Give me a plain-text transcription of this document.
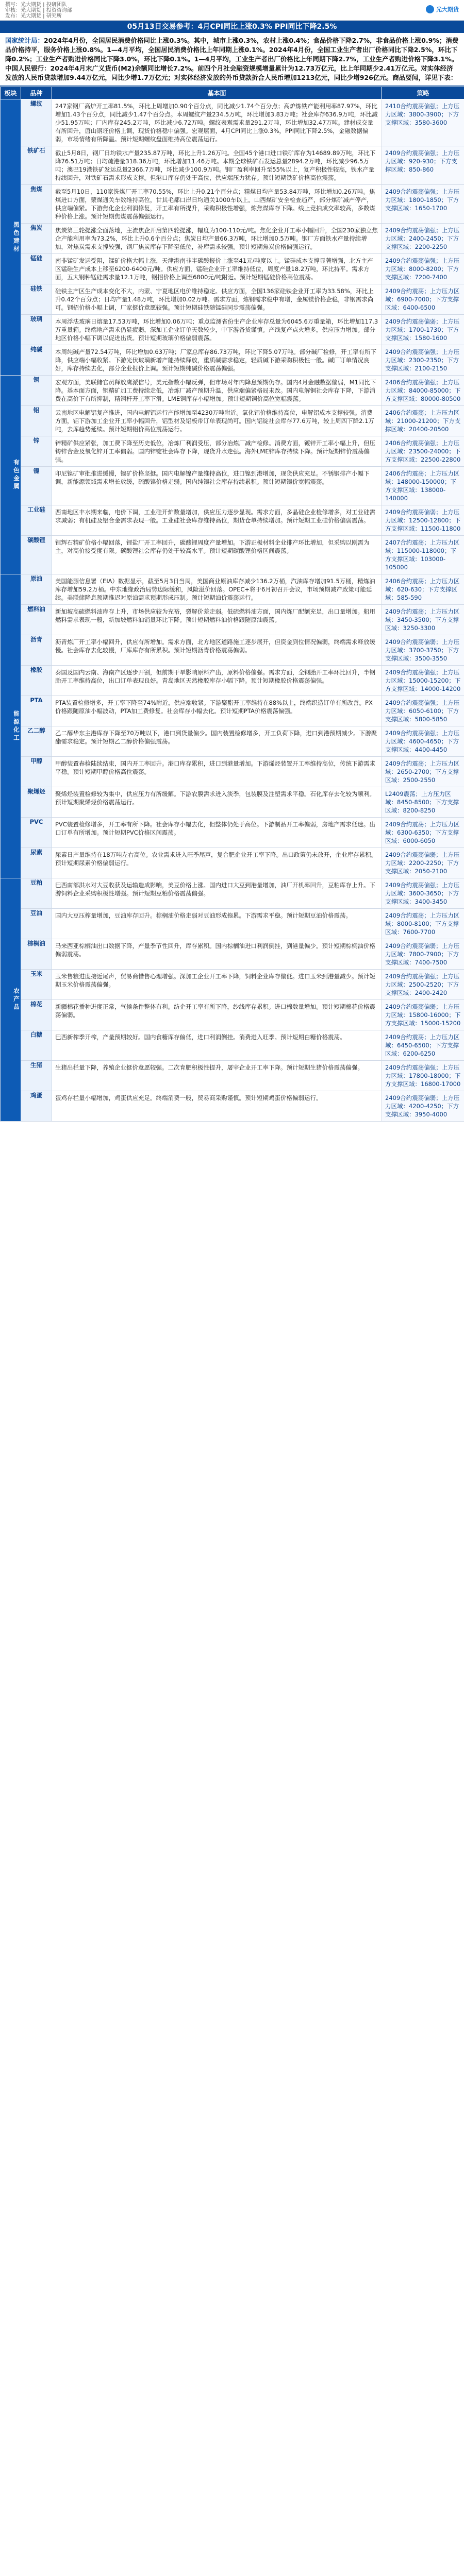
撰写：光大期货 | 投研团队
审核：光大期货 | 投资咨询部
发布：光大期货 | 研究所
光大期货
05月13日交易参考：4月CPI同比上涨0.3% PPI同比下降2.5%
国家统计局：2024年4月份，全国居民消费价格同比上涨0.3%。其中，城市上涨0.3%，农村上涨0.4%；食品价格下降2.7%，非食品价格上涨0.9%；消费品价格持平，服务价格上涨0.8%。1—4月平均，全国居民消费价格比上年同期上涨0.1%。2024年4月份，全国工业生产者出厂价格同比下降2.5%，环比下降0.2%；工业生产者购进价格同比下降3.0%，环比下降0.1%。1—4月平均，工业生产者出厂价格比上年同期下降2.7%，工业生产者购进价格下降3.1%。中国人民银行：2024年4月末广义货币(M2)余额同比增长7.2%。前四个月社会融资规模增量累计为12.73万亿元，比上年同期少2.41万亿元。对实体经济发放的人民币贷款增加9.44万亿元，同比少增1.7万亿元；对实体经济发放的外币贷款折合人民币增加1213亿元，同比少增926亿元。商品要闻，详见下表：
板块	品种	基本面	策略
黑色建材	螺纹	247家钢厂高炉开工率81.5%，环比上周增加0.90个百分点，同比减少1.74个百分点；高炉炼铁产能利用率87.97%，环比增加1.43个百分点，同比减少1.47个百分点。本周螺纹产量234.5万吨，环比增加3.83万吨；社会库存636.9万吨，环比减少51.95万吨；厂内库存245.2万吨，环比减少6.72万吨。螺纹表观需求量291.2万吨，环比增加32.47万吨。建材成交量有所回升，唐山钢坯价格上调，现货价格稳中偏强。宏观层面，4月CPI同比上涨0.3%，PPI同比下降2.5%，金融数据偏弱，市场情绪有所降温。预计短期螺纹盘面维持高位震荡运行。	2410合约震荡偏强；上方压力区域：3800-3900；下方支撑区域：3580-3600
	铁矿石	截止5月8日，钢厂日均铁水产量235.87万吨，环比上升1.26万吨。全国45个港口进口铁矿库存为14689.89万吨，环比下降76.51万吨；日均疏港量318.36万吨，环比增加11.46万吨。本期全球铁矿石发运总量2894.2万吨，环比减少96.5万吨；澳巴19港铁矿发运总量2366.7万吨，环比减少100.9万吨。钢厂盈利率回升至55%以上，复产积极性较高，铁水产量持续回升，对铁矿石需求形成支撑。但港口库存仍处于高位，供应端压力犹存。预计短期铁矿价格高位震荡。	2409合约震荡偏强；上方压力区域：920-930；下方支撑区域：850-860
	焦煤	截至5月10日，110家洗煤厂开工率70.55%，环比上升0.21个百分点；精煤日均产量53.84万吨，环比增加0.26万吨。焦煤进口方面，蒙煤通关车数维持高位，甘其毛都口岸日均通关1000车以上。山西煤矿安全检查趋严，部分煤矿减产停产，供应端偏紧。下游焦化企业利润修复，开工率有所提升，采购积极性增强，炼焦煤库存下降。线上竞拍成交率较高，多数煤种价格上涨。预计短期焦煤震荡偏强运行。	2409合约震荡偏强；上方压力区域：1800-1850；下方支撑区域：1650-1700
	焦炭	焦炭第三轮提涨全面落地，主流焦企开启第四轮提涨，幅度为100-110元/吨。焦化企业开工率小幅回升，全国230家独立焦企产能利用率为73.2%，环比上升0.6个百分点；焦炭日均产量66.3万吨，环比增加0.5万吨。钢厂方面铁水产量持续增加，对焦炭需求支撑较强，钢厂焦炭库存下降至低位，补库需求较强。预计短期焦炭价格偏强运行。	2409合约震荡偏强；上方压力区域：2400-2450；下方支撑区域：2200-2250
	锰硅	南非锰矿发运受阻，锰矿价格大幅上涨，天津港南非半碳酸报价上涨至41元/吨度以上。锰硅成本支撑显著增强，北方主产区锰硅生产成本上移至6200-6400元/吨。供应方面，锰硅企业开工率维持低位，周度产量18.2万吨，环比持平。需求方面，五大钢种锰硅需求量12.1万吨，钢招价格上调至6800元/吨附近。预计短期锰硅价格高位震荡。	2409合约震荡偏强；上方压力区域：8000-8200；下方支撑区域：7200-7400
	硅铁	硅铁主产区生产成本变化不大，内蒙、宁夏地区电价维持稳定。供应方面，全国136家硅铁企业开工率为33.58%，环比上升0.42个百分点；日均产量1.48万吨，环比增加0.02万吨。需求方面，炼钢需求稳中有增，金属镁价格企稳，非钢需求尚可。钢招价格小幅上调，厂家挺价意愿较强。预计短期硅铁随锰硅同步震荡偏强。	2409合约震荡；上方压力区域：6900-7000；下方支撑区域：6400-6500
	玻璃	本周浮法玻璃日熔量17.53万吨，环比增加0.06万吨；重点监测省份生产企业库存总量为6045.6万重量箱，环比增加117.3万重量箱。终端地产需求仍显疲弱，深加工企业订单天数较少，中下游备货谨慎。产线复产点火增多，供应压力增加。部分地区价格小幅下调以促进出货。预计短期玻璃价格偏弱震荡。	2409合约震荡偏弱；上方压力区域：1700-1730；下方支撑区域：1580-1600
	纯碱	本周纯碱产量72.54万吨，环比增加0.63万吨；厂家总库存86.73万吨，环比下降5.07万吨。部分碱厂检修，开工率有所下降，供应端小幅收紧。下游光伏玻璃新增产能持续释放，重质碱需求稳定，轻质碱下游采购积极性一般。碱厂订单情况良好，库存持续去化，部分企业报价上调。预计短期纯碱价格震荡偏强。	2409合约震荡偏强；上方压力区域：2300-2350；下方支撑区域：2100-2150
有色金属	铜	宏观方面，美联储官员释放鹰派信号，美元指数小幅反弹，但市场对年内降息预期仍存。国内4月金融数据偏弱，M1同比下降。基本面方面，铜精矿加工费持续走低，冶炼厂减产预期升温，供应端偏紧格局未改。国内电解铜社会库存下降，下游消费在高价下有所抑制，精铜杆开工率下滑。LME铜库存小幅增加。预计短期铜价高位宽幅震荡。	2406合约震荡偏强；上方压力区域：84000-85000；下方支撑区域：80000-80500
	铝	云南地区电解铝复产推进，国内电解铝运行产能增加至4230万吨附近。氧化铝价格维持高位，电解铝成本支撑较强。消费方面，铝下游加工企业开工率小幅回升，铝型材及铝板带订单表现尚可。国内铝锭社会库存77.6万吨，较上周四下降2.1万吨，去库趋势延续。预计短期铝价高位震荡运行。	2406合约震荡；上方压力区域：21000-21200；下方支撑区域：20400-20500
	锌	锌精矿供应紧张，加工费下降至历史低位，冶炼厂利润受压，部分冶炼厂减产检修。消费方面，镀锌开工率小幅上升，但压铸锌合金及氧化锌开工率偏弱。国内锌锭社会库存下降，现货升水走强。海外LME锌库存持续下降。预计短期锌价震荡偏强。	2406合约震荡偏强；上方压力区域：23500-24000；下方支撑区域：22500-22800
	镍	印尼镍矿审批推进缓慢，镍矿价格坚挺。国内电解镍产量维持高位，进口镍到港增加，现货供应充足。不锈钢排产小幅下调，新能源领域需求增长放缓，硫酸镍价格走弱。国内纯镍社会库存持续累积。预计短期镍价宽幅震荡。	2406合约震荡；上方压力区域：148000-150000；下方支撑区域：138000-140000
	工业硅	西南地区丰水期来临，电价下调，工业硅开炉数量增加，供应压力逐步显现。需求方面，多晶硅企业检修增多，对工业硅需求减弱；有机硅及铝合金需求表现一般。工业硅社会库存维持高位，期货仓单持续增加。预计短期工业硅价格偏弱震荡。	2409合约震荡偏弱；上方压力区域：12500-12800；下方支撑区域：11500-11800
	碳酸锂	锂辉石精矿价格小幅回落，锂盐厂开工率回升，碳酸锂周度产量增加。下游正极材料企业排产环比增加，但采购以刚需为主，对高价接受度有限。碳酸锂社会库存仍处于较高水平。预计短期碳酸锂价格区间震荡。	2407合约震荡；上方压力区域：115000-118000；下方支撑区域：103000-105000
能源化工	原油	美国能源信息署（EIA）数据显示，截至5月3日当周，美国商业原油库存减少136.2万桶，汽油库存增加91.5万桶，精炼油库存增加59.2万桶。中东地缘政治局势边际缓和，风险溢价回落。OPEC+将于6月初召开会议，市场预期减产政策可能延续。美联储降息预期推迟对原油需求预期形成压制。预计短期油价震荡运行。	2406合约震荡；上方压力区域：620-630；下方支撑区域：585-590
	燃料油	新加坡高硫燃料油库存上升，市场供应较为充裕，裂解价差走弱。低硫燃料油方面，国内炼厂配额充足，出口量增加。船用燃料需求表现一般，新加坡燃料油销量环比下降。预计短期燃料油价格跟随原油震荡。	2409合约震荡；上方压力区域：3450-3500；下方支撑区域：3250-3300
	沥青	沥青炼厂开工率小幅回升，供应有所增加。需求方面，北方地区道路施工逐步展开，但资金到位情况偏弱，终端需求释放缓慢。社会库存去化较慢，厂库库存有所累积。预计短期沥青价格震荡偏弱。	2409合约震荡偏弱；上方压力区域：3700-3750；下方支撑区域：3500-3550
	橡胶	泰国及国内云南、海南产区逐步开割，但前期干旱影响原料产出，原料价格偏强。需求方面，全钢胎开工率环比回升，半钢胎开工率维持高位，出口订单表现良好。青岛地区天然橡胶库存小幅下降。预计短期橡胶价格震荡偏强。	2409合约震荡偏强；上方压力区域：15000-15200；下方支撑区域：14000-14200
	PTA	PTA装置检修增多，开工率下降至74%附近，供应端收紧。下游聚酯开工率维持在88%以上，终端织造订单有所改善。PX价格跟随原油小幅波动，PTA加工费修复。社会库存小幅去化。预计短期PTA价格震荡偏强。	2409合约震荡偏强；上方压力区域：6050-6100；下方支撑区域：5800-5850
	乙二醇	乙二醇华东主港库存下降至70万吨以下，港口到货量偏少。国内装置检修增多，开工负荷下降，进口到港预期减少。下游聚酯需求稳定。预计短期乙二醇价格偏强震荡。	2409合约震荡偏强；上方压力区域：4600-4650；下方支撑区域：4400-4450
	甲醇	甲醇装置春检陆续结束，国内开工率回升。港口库存累积，进口到港量增加。下游烯烃装置开工率维持高位，传统下游需求平稳。预计短期甲醇价格高位震荡。	2409合约震荡；上方压力区域：2650-2700；下方支撑区域：2500-2550
	聚烯烃	聚烯烃装置检修较为集中，供应压力有所缓解。下游农膜需求进入淡季，包装膜及注塑需求平稳。石化库存去化较为顺利。预计短期聚烯烃价格震荡运行。	L2409震荡；上方压力区域：8450-8500；下方支撑区域：8200-8250
	PVC	PVC装置检修增多，开工率有所下降。社会库存小幅去化，但整体仍处于高位。下游制品开工率偏弱，房地产需求低迷。出口订单有所增加。预计短期PVC价格区间震荡。	2409合约震荡；上方压力区域：6300-6350；下方支撑区域：6000-6050
	尿素	尿素日产量维持在18万吨左右高位。农业需求进入旺季尾声，复合肥企业开工率下降。出口政策仍未放开，企业库存累积。预计短期尿素价格偏弱运行。	2409合约震荡偏弱；上方压力区域：2200-2250；下方支撑区域：2050-2100
农产品	豆粕	巴西南部洪水对大豆收获及运输造成影响，美豆价格上涨。国内进口大豆到港量增加，油厂开机率回升，豆粕库存上升。下游饲料企业采购积极性增强。预计短期豆粕价格震荡偏强。	2409合约震荡偏强；上方压力区域：3600-3650；下方支撑区域：3400-3450
	豆油	国内大豆压榨量增加，豆油库存回升。棕榈油价格走弱对豆油形成拖累。下游需求平稳。预计短期豆油价格震荡。	2409合约震荡；上方压力区域：8000-8100；下方支撑区域：7600-7700
	棕榈油	马来西亚棕榈油出口数据下降，产量季节性回升，库存累积。国内棕榈油进口利润倒挂，到港量偏少。预计短期棕榈油价格偏弱震荡。	2409合约震荡偏弱；上方压力区域：7800-7900；下方支撑区域：7400-7500
	玉米	玉米售粮进度接近尾声，贸易商惜售心理增强。深加工企业开工率下降，饲料企业库存偏低。进口玉米到港量减少。预计短期玉米价格震荡偏强。	2409合约震荡偏强；上方压力区域：2500-2520；下方支撑区域：2400-2420
	棉花	新疆棉花播种进度正常，气候条件整体有利。纺企开工率有所下降，纱线库存累积。进口棉数量增加。预计短期棉花价格震荡偏弱。	2409合约震荡偏弱；上方压力区域：15800-16000；下方支撑区域：15000-15200
	白糖	巴西新榨季开榨，产量预期较好。国内食糖库存偏低，进口利润倒挂。消费进入旺季。预计短期白糖价格震荡。	2409合约震荡；上方压力区域：6450-6500；下方支撑区域：6200-6250
	生猪	生猪出栏量下降，养殖企业挺价意愿较强。二次育肥积极性提升，屠宰企业开工率下降。预计短期生猪价格震荡偏强。	2409合约震荡偏强；上方压力区域：17800-18000；下方支撑区域：16800-17000
	鸡蛋	蛋鸡存栏量小幅增加，鸡蛋供应充足。终端消费一般，贸易商采购谨慎。预计短期鸡蛋价格偏弱运行。	2409合约震荡偏弱；上方压力区域：4200-4250；下方支撑区域：3950-4000
